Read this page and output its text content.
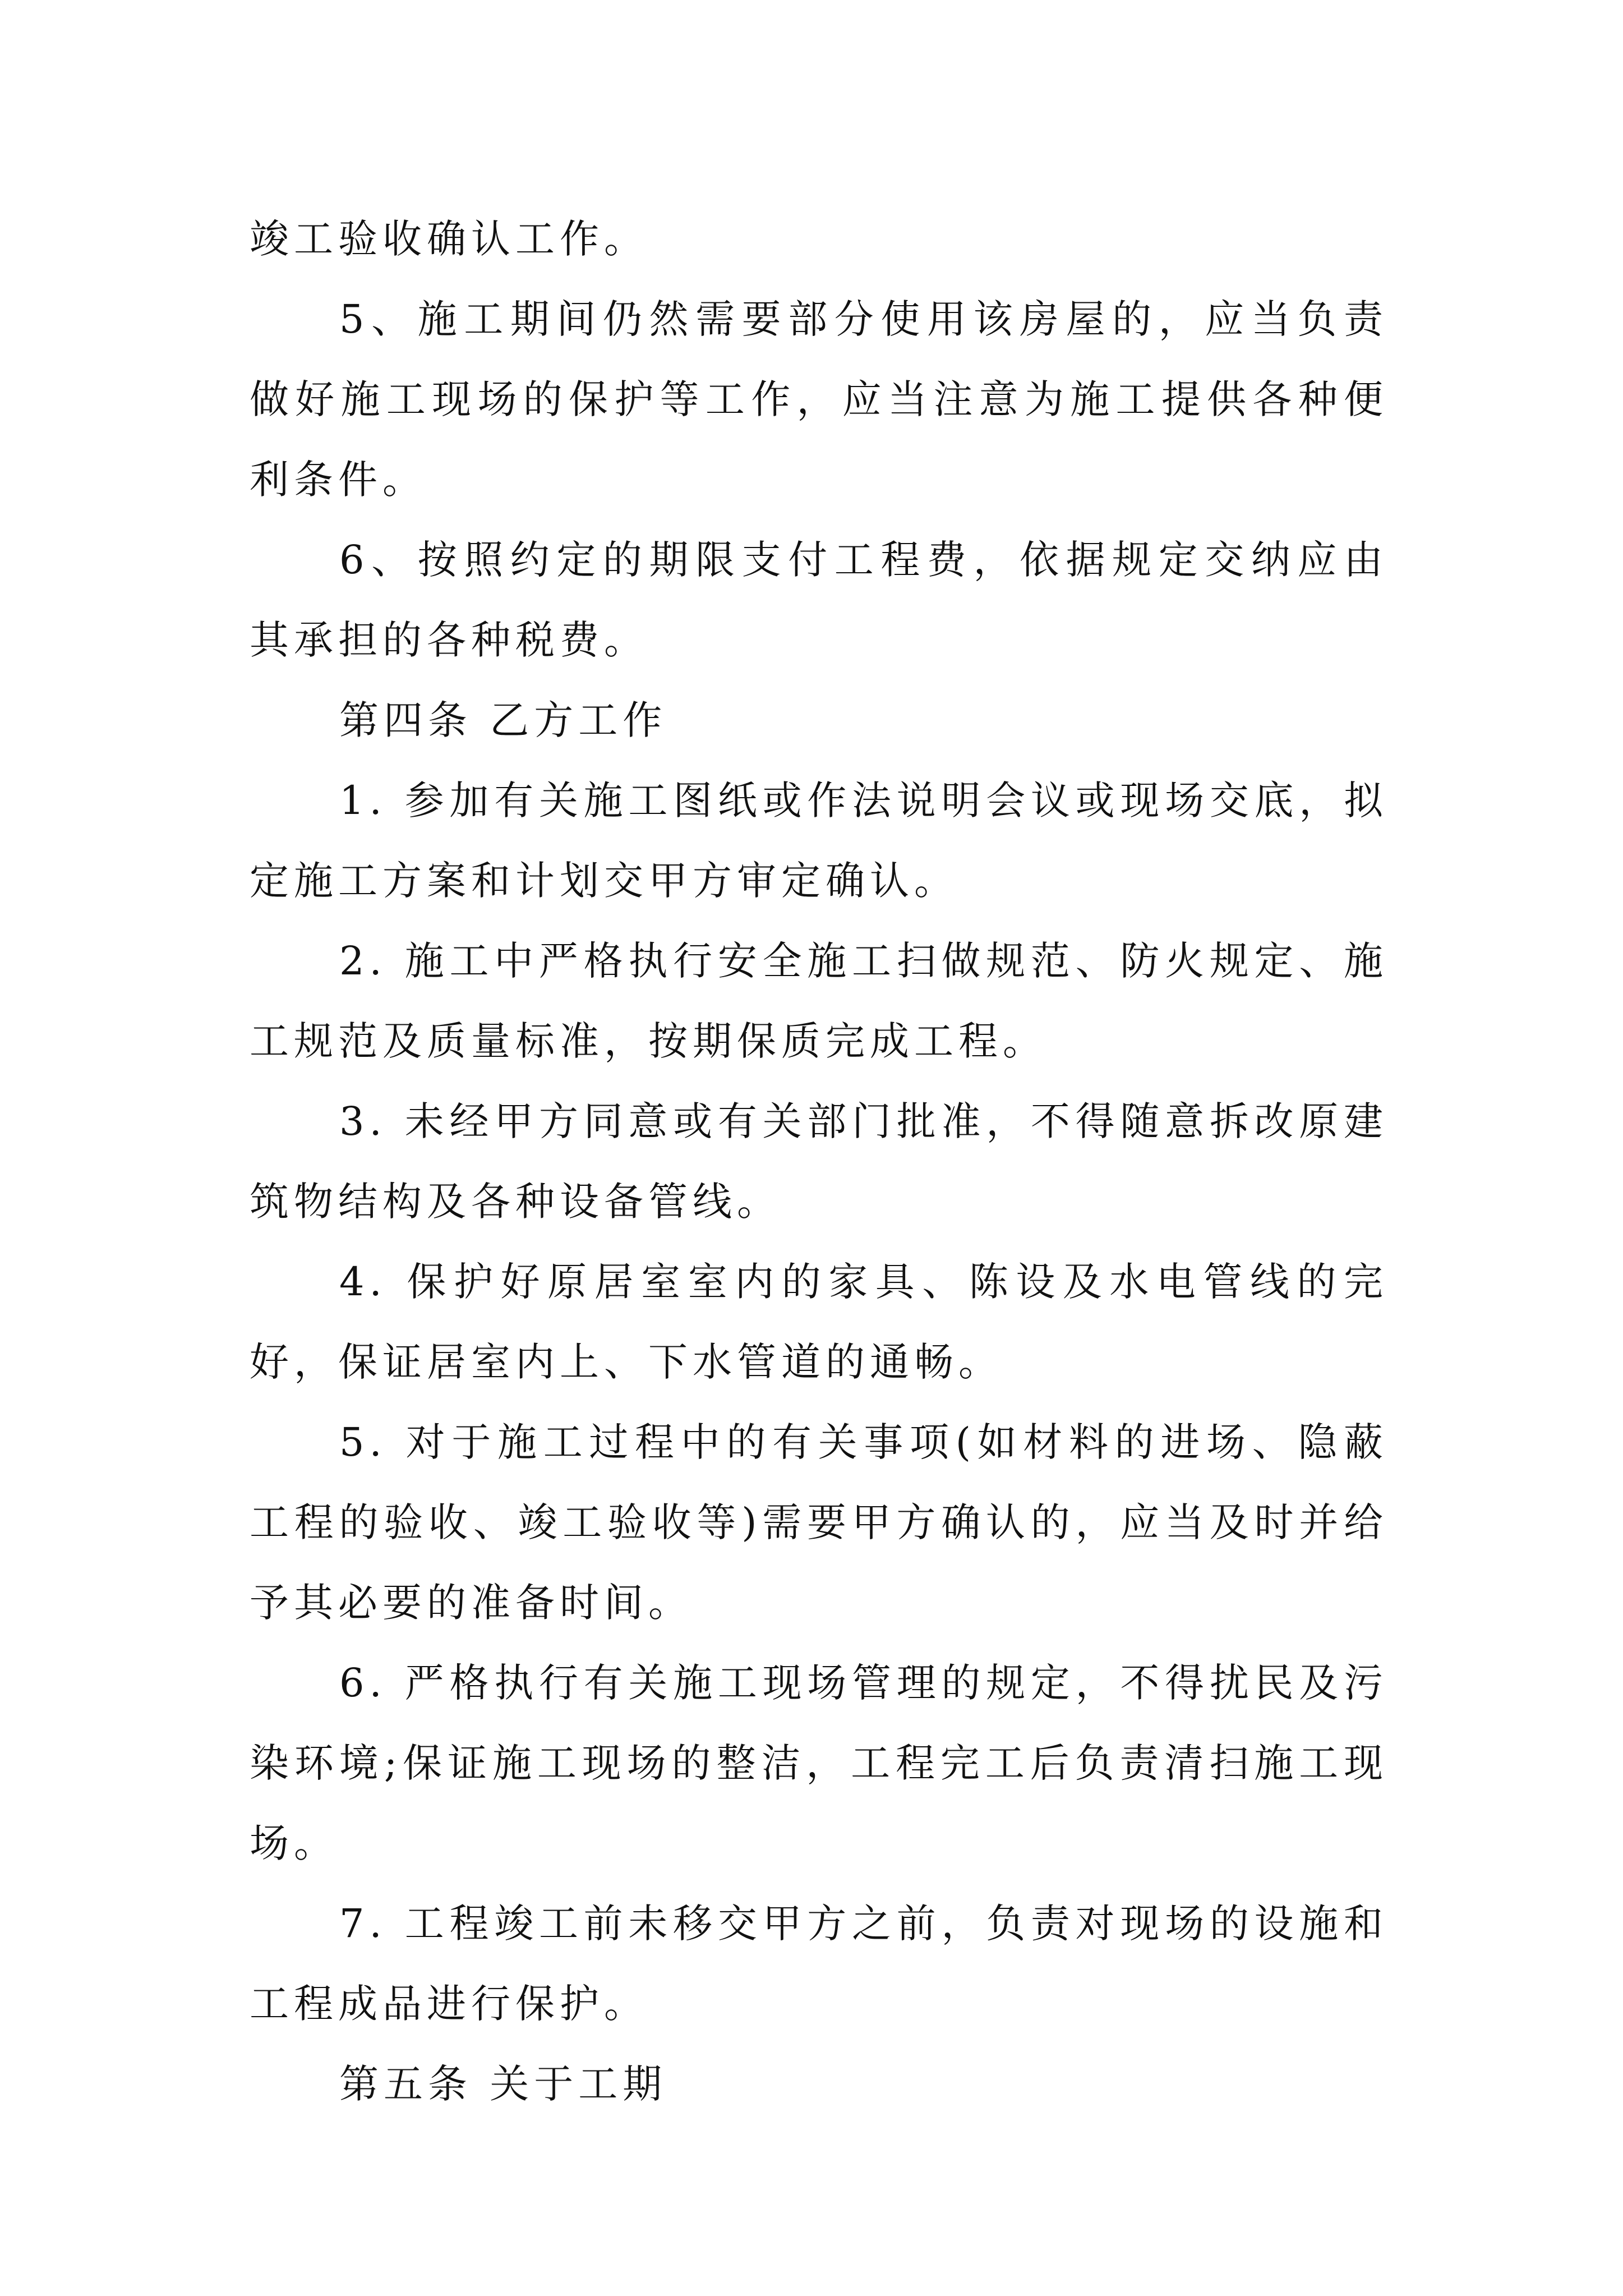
竣工验收确认工作。

5、施工期间仍然需要部分使用该房屋的，应当负责做好施工现场的保护等工作，应当注意为施工提供各种便利条件。

6、按照约定的期限支付工程费，依据规定交纳应由其承担的各种税费。

第四条 乙方工作

1. 参加有关施工图纸或作法说明会议或现场交底，拟定施工方案和计划交甲方审定确认。

2. 施工中严格执行安全施工扫做规范、防火规定、施工规范及质量标准，按期保质完成工程。

3. 未经甲方同意或有关部门批准，不得随意拆改原建筑物结构及各种设备管线。

4. 保护好原居室室内的家具、陈设及水电管线的完好，保证居室内上、下水管道的通畅。

5. 对于施工过程中的有关事项(如材料的进场、隐蔽工程的验收、竣工验收等)需要甲方确认的，应当及时并给予其必要的准备时间。

6. 严格执行有关施工现场管理的规定，不得扰民及污染环境;保证施工现场的整洁，工程完工后负责清扫施工现场。

7. 工程竣工前未移交甲方之前，负责对现场的设施和工程成品进行保护。

第五条 关于工期
